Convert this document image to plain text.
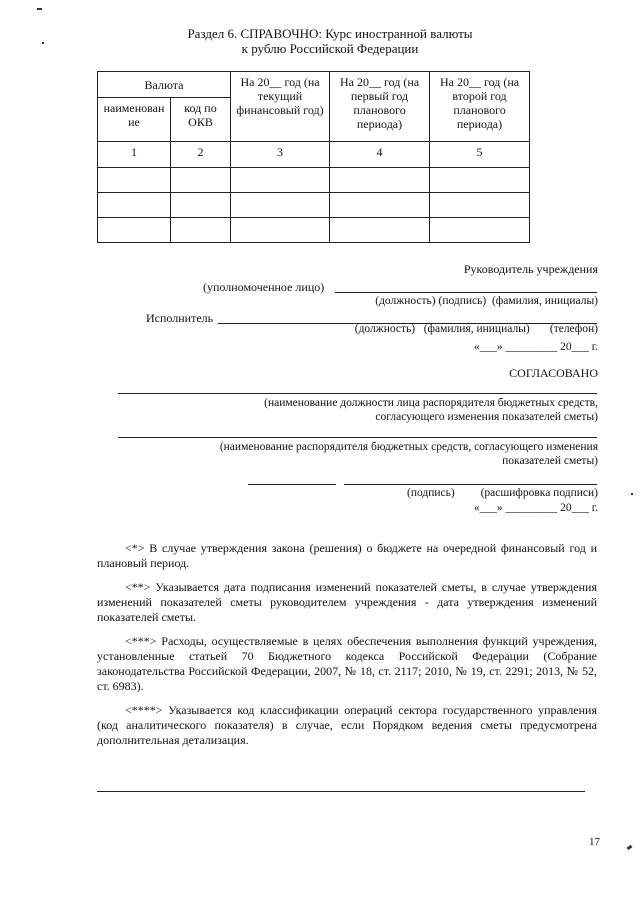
Раздел 6. СПРАВОЧНО: Курс иностранной валюты
к рублю Российской Федерации
Валюта		На 20__ год (на текущий финансовый год)	На 20__ год (на первый год планового периода)	На 20__ год (на второй год планового периода)
наименован ие	код по ОКВ			
1	2	3	4	5

Руководитель учреждения
(уполномоченное лицо)
(должность) (подпись)  (фамилия, инициалы)
Исполнитель
(должность)   (фамилия, инициалы)       (телефон)
«___» _________ 20___ г.
СОГЛАСОВАНО
(наименование должности лица распорядителя бюджетных средств,
согласующего изменения показателей сметы)
(наименование распорядителя бюджетных средств, согласующего изменения
показателей сметы)
(подпись)         (расшифровка подписи)
«___» _________ 20___ г.
<*> В случае утверждения закона (решения) о бюджете на очередной финансовый год и плановый период.
<**> Указывается дата подписания изменений показателей сметы, в случае утверждения изменений показателей сметы руководителем учреждения - дата утверждения изменений показателей сметы.
<***> Расходы, осуществляемые в целях обеспечения выполнения функций учреждения, установленные статьей 70 Бюджетного кодекса Российской Федерации (Собрание законодательства Российской Федерации, 2007, № 18, ст. 2117; 2010, № 19, ст. 2291; 2013, № 52, ст. 6983).
<****> Указывается код классификации операций сектора государственного управления (код аналитического показателя) в случае, если Порядком ведения сметы предусмотрена дополнительная детализация.
17
